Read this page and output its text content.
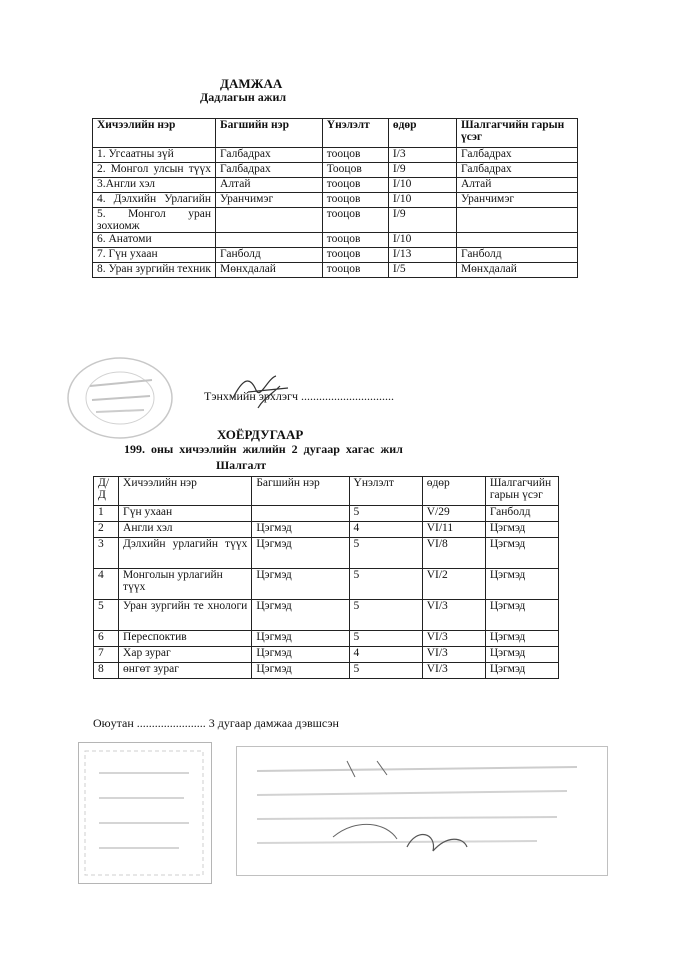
ДАМЖАА
Дадлагын ажил
Хичээлийн нэр	Багшийн нэр	Үнэлэлт	өдөр	Шалгагчийн гарын үсэг
1. Угсаатны зүй	Галбадрах	тооцов	I/3	Галбадрах
2. Монгол улсын түүх	Галбадрах	Тооцов	I/9	Галбадрах
3.Англи хэл	Алтай	тооцов	I/10	Алтай
4. Дэлхийн Урлагийн	Уранчимэг	тооцов	I/10	Уранчимэг
5. Монгол уран зохиомж		тооцов	I/9	
6. Анатоми		тооцов	I/10	
7. Гүн ухаан	Ганболд	тооцов	I/13	Ганболд
8. Уран зургийн техник	Мөнхдалай	тооцов	I/5	Мөнхдалай
Тэнхмийн эрхлэгч ...............................
ХОЁРДУГААР
199. оны хичээлийн жилийн 2 дугаар хагас жил
Шалгалт
Д/Д	Хичээлийн нэр	Багшийн нэр	Үнэлэлт	өдөр	Шалгагчийн гарын үсэг
1	Гүн ухаан		5	V/29	Ганболд
2	Англи хэл	Цэгмэд	4	VI/11	Цэгмэд
3	Дэлхийн урлагийн түүх	Цэгмэд	5	VI/8	Цэгмэд
4	Монголын урлагийн түүх	Цэгмэд	5	VI/2	Цэгмэд
5	Уран зургийн те хнологи	Цэгмэд	5	VI/3	Цэгмэд
6	Переспоктив	Цэгмэд	5	VI/3	Цэгмэд
7	Хар зураг	Цэгмэд	4	VI/3	Цэгмэд
8	өнгөт зураг	Цэгмэд	5	VI/3	Цэгмэд
Оюутан ....................... 3 дугаар дамжаа дэвшсэн
